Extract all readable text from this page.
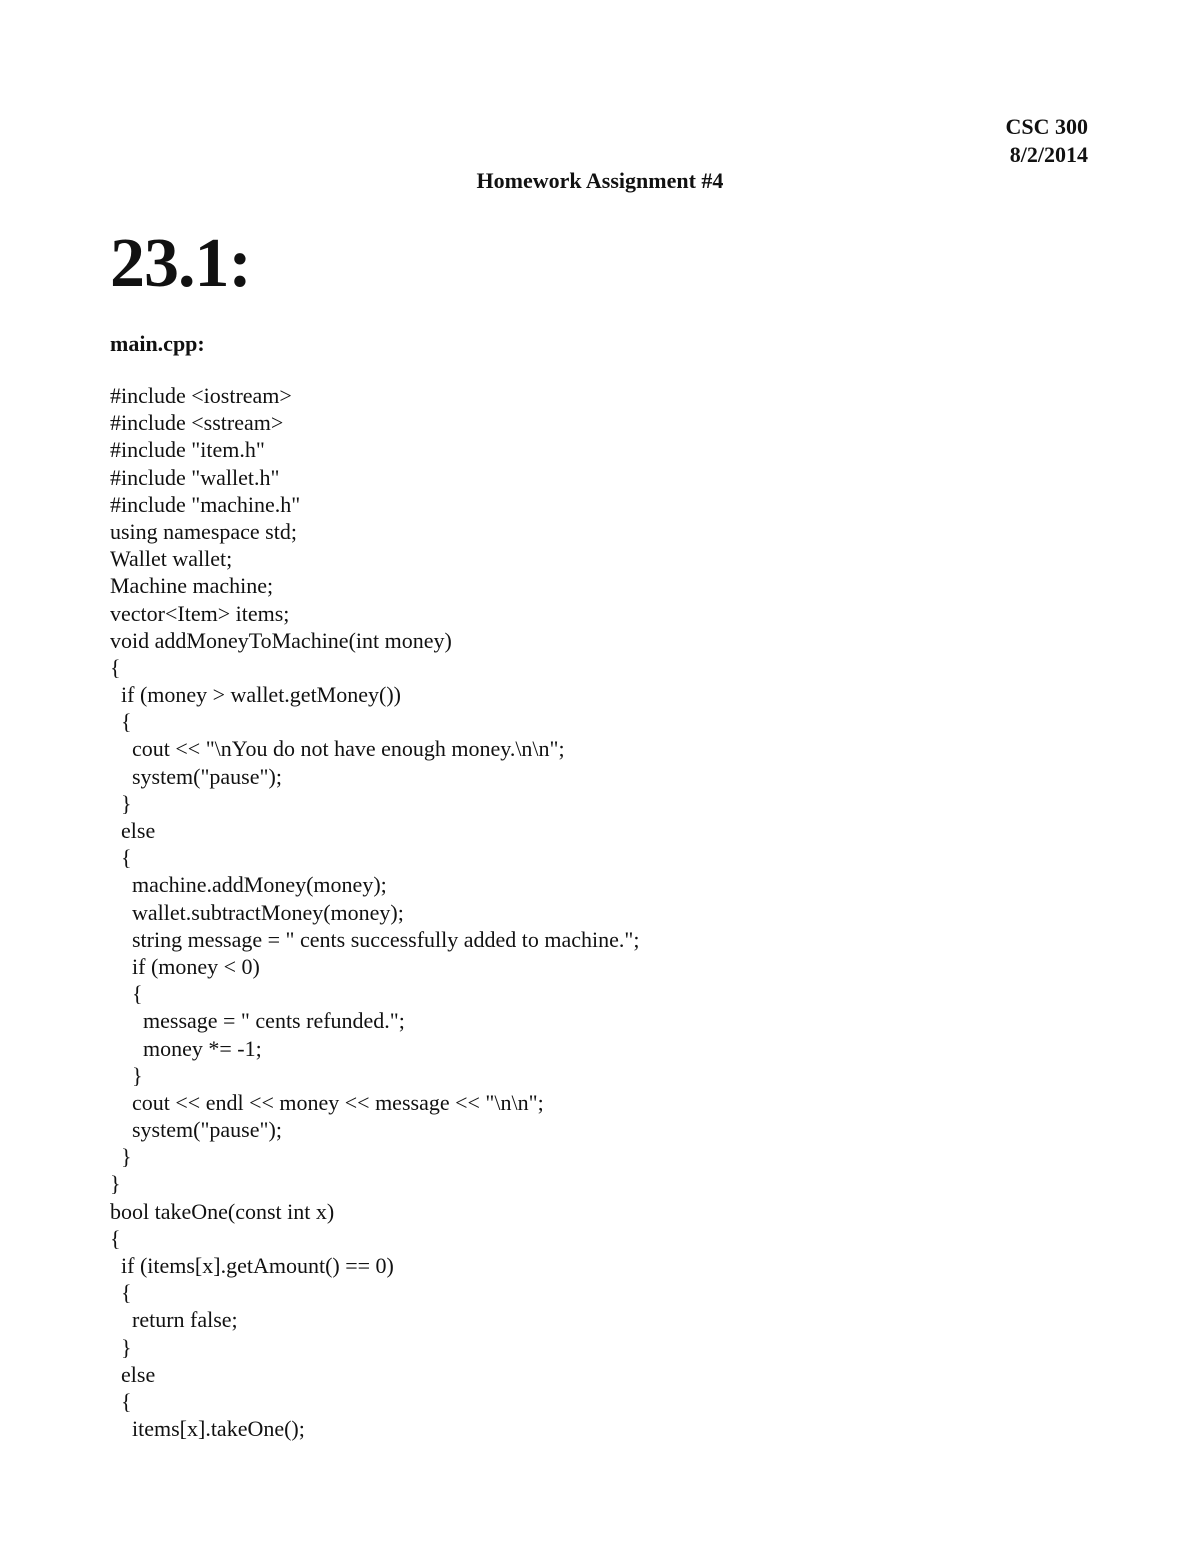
CSC 300
8/2/2014
Homework Assignment #4
23.1:
main.cpp:
#include <iostream>
#include <sstream>
#include "item.h"
#include "wallet.h"
#include "machine.h"
using namespace std;
Wallet wallet;
Machine machine;
vector<Item> items;
void addMoneyToMachine(int money)
{
if (money > wallet.getMoney())
{
cout << "\nYou do not have enough money.\n\n";
system("pause");
}
else
{
machine.addMoney(money);
wallet.subtractMoney(money);
string message = " cents successfully added to machine.";
if (money < 0)
{
message = " cents refunded.";
money *= -1;
}
cout << endl << money << message << "\n\n";
system("pause");
}
}
bool takeOne(const int x)
{
if (items[x].getAmount() == 0)
{
return false;
}
else
{
items[x].takeOne();
